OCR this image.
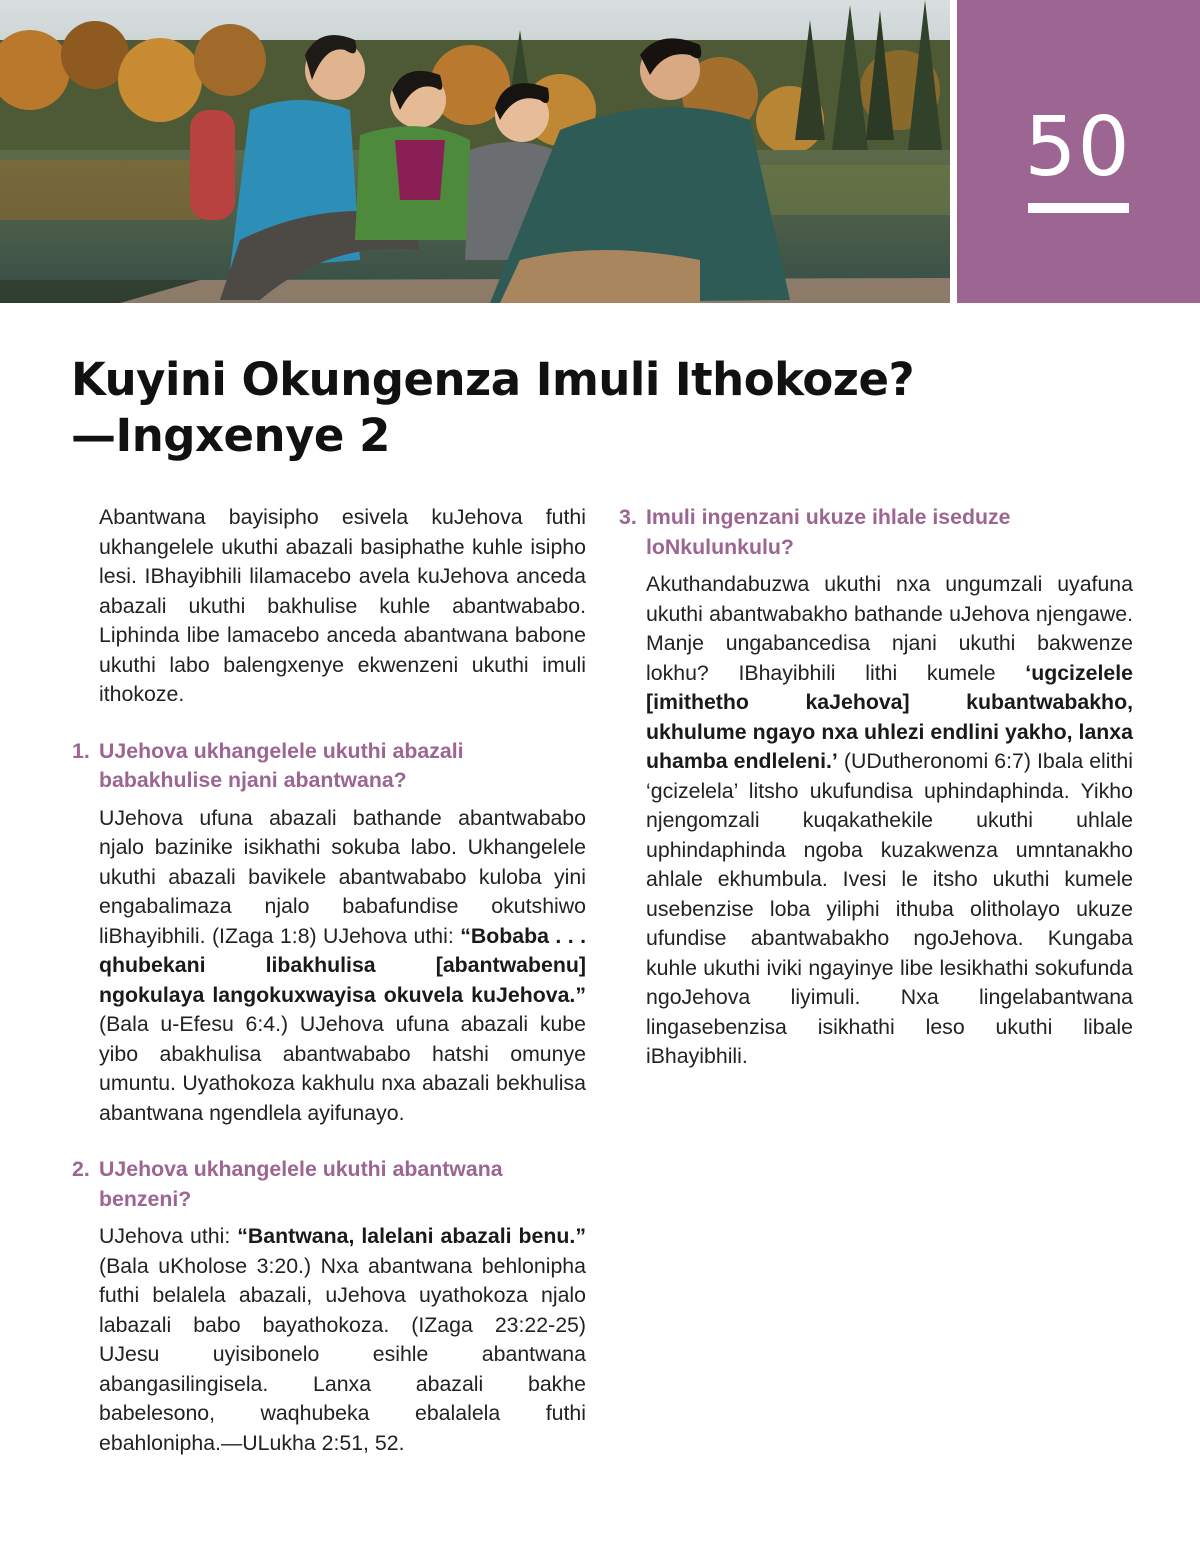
50
Kuyini Okungenza Imuli Ithokoze?
—Ingxenye 2

Abantwana bayisipho esivela kuJehova futhi ukhangelele ukuthi abazali basiphathe kuhle isipho lesi. IBhayibhili lilamacebo avela kuJehova anceda abazali ukuthi bakhulise kuhle abantwababo. Liphinda libe lamacebo anceda abantwana babone ukuthi labo balengxenye ekwenzeni ukuthi imuli ithokoze.

1. UJehova ukhangelele ukuthi abazali babakhulise njani abantwana?

UJehova ufuna abazali bathande abantwababo njalo bazinike isikhathi sokuba labo. Ukhangelele ukuthi abazali bavikele abantwababo kuloba yini engabalimaza njalo babafundise okutshiwo liBhayibhili. (IZaga 1:8) UJehova uthi: “Bobaba . . . qhubekani libakhulisa [abantwabenu] ngokulaya langokuxwayisa okuvela kuJehova.” (Bala u-Efesu 6:4.) UJehova ufuna abazali kube yibo abakhulisa abantwababo hatshi omunye umuntu. Uyathokoza kakhulu nxa abazali bekhulisa abantwana ngendlela ayifunayo.

2. UJehova ukhangelele ukuthi abantwana benzeni?

UJehova uthi: “Bantwana, lalelani abazali benu.” (Bala uKholose 3:20.) Nxa abantwana behlonipha futhi belalela abazali, uJehova uyathokoza njalo labazali babo bayathokoza. (IZaga 23:22-25) UJesu uyisibonelo esihle abantwana abangasilingisela. Lanxa abazali bakhe babelesono, waqhubeka ebalalela futhi ebahlonipha.—ULukha 2:51, 52.

3. Imuli ingenzani ukuze ihlale iseduze loNkulunkulu?

Akuthandabuzwa ukuthi nxa ungumzali uyafuna ukuthi abantwabakho bathande uJehova njengawe. Manje ungabancedisa njani ukuthi bakwenze lokhu? IBhayibhili lithi kumele ‘ugcizelele [imithetho kaJehova] kubantwabakho, ukhulume ngayo nxa uhlezi endlini yakho, lanxa uhamba endleleni.’ (UDutheronomi 6:7) Ibala elithi ‘gcizelela’ litsho ukufundisa uphindaphinda. Yikho njengomzali kuqakathekile ukuthi uhlale uphindaphinda ngoba kuzakwenza umntanakho ahlale ekhumbula. Ivesi le itsho ukuthi kumele usebenzise loba yiliphi ithuba olitholayo ukuze ufundise abantwabakho ngoJehova. Kungaba kuhle ukuthi iviki ngayinye libe lesikhathi sokufunda ngoJehova liyimuli. Nxa lingelabantwana lingasebenzisa isikhathi leso ukuthi libale iBhayibhili.
